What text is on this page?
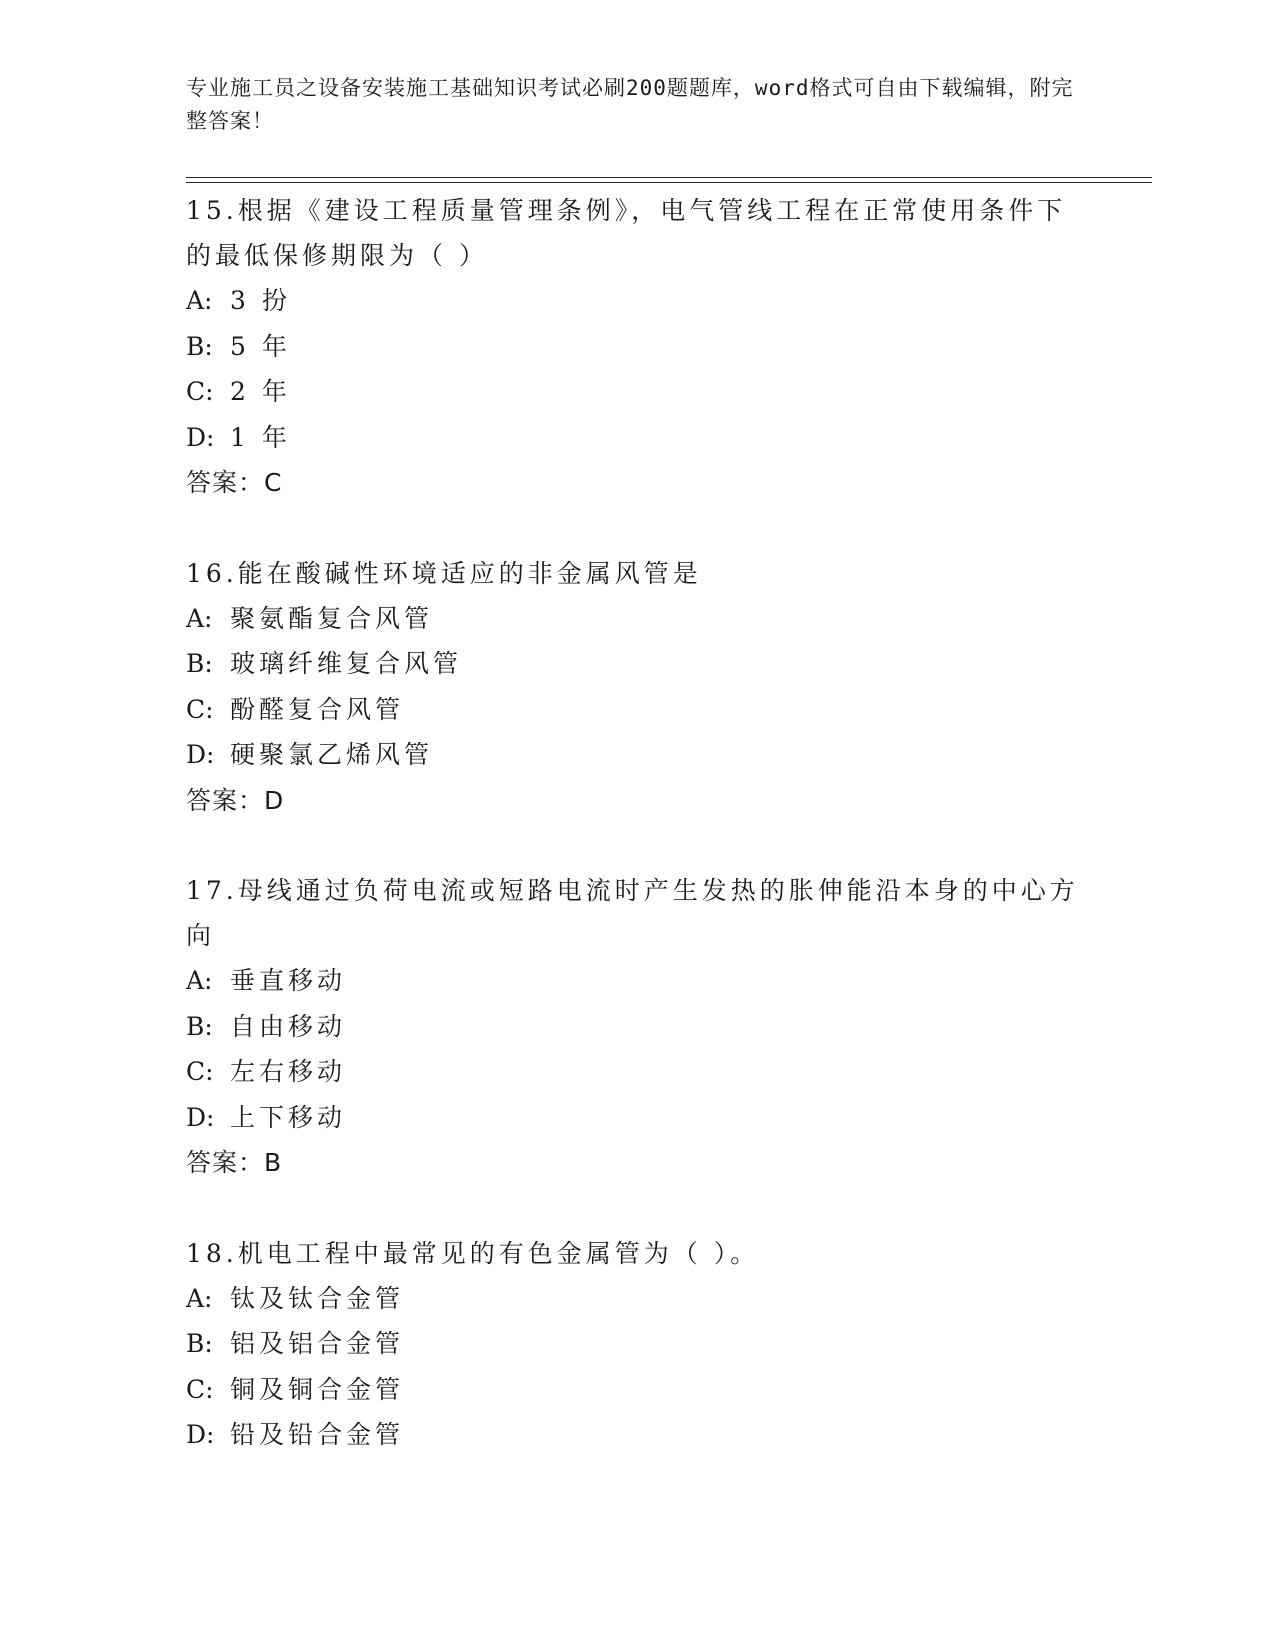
专业施工员之设备安装施工基础知识考试必刷200题题库，word格式可自由下载编辑，附完整答案！

15.根据《建设工程质量管理条例》，电气管线工程在正常使用条件下的最低保修期限为（ ）

A: 3 扮
B: 5 年
C: 2 年
D: 1 年
答案：C

16.能在酸碱性环境适应的非金属风管是

A: 聚氨酯复合风管
B: 玻璃纤维复合风管
C: 酚醛复合风管
D: 硬聚氯乙烯风管
答案：D

17.母线通过负荷电流或短路电流时产生发热的胀伸能沿本身的中心方向

A: 垂直移动
B: 自由移动
C: 左右移动
D: 上下移动
答案：B

18.机电工程中最常见的有色金属管为（ ）。

A: 钛及钛合金管
B: 铝及铝合金管
C: 铜及铜合金管
D: 铅及铅合金管
